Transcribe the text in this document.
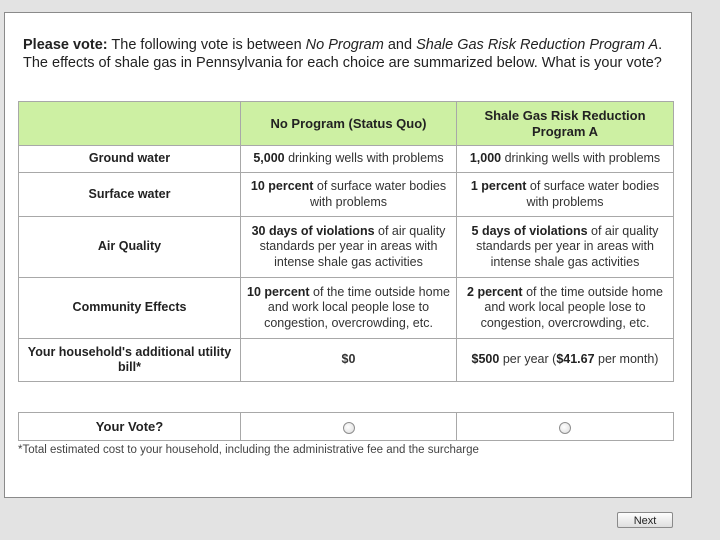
Please vote: The following vote is between No Program and Shale Gas Risk Reduction Program A. The effects of shale gas in Pennsylvania for each choice are summarized below. What is your vote?
	No Program (Status Quo)	Shale Gas Risk Reduction Program A
Ground water	5,000 drinking wells with problems	1,000 drinking wells with problems
Surface water	10 percent of surface water bodies with problems	1 percent of surface water bodies with problems
Air Quality	30 days of violations of air quality standards per year in areas with intense shale gas activities	5 days of violations of air quality standards per year in areas with intense shale gas activities
Community Effects	10 percent of the time outside home and work local people lose to congestion, overcrowding, etc.	2 percent of the time outside home and work local people lose to congestion, overcrowding, etc.
Your household's additional utility bill*	$0	$500 per year ($41.67 per month)
Your Vote?		
*Total estimated cost to your household, including the administrative fee and the surcharge
Next
